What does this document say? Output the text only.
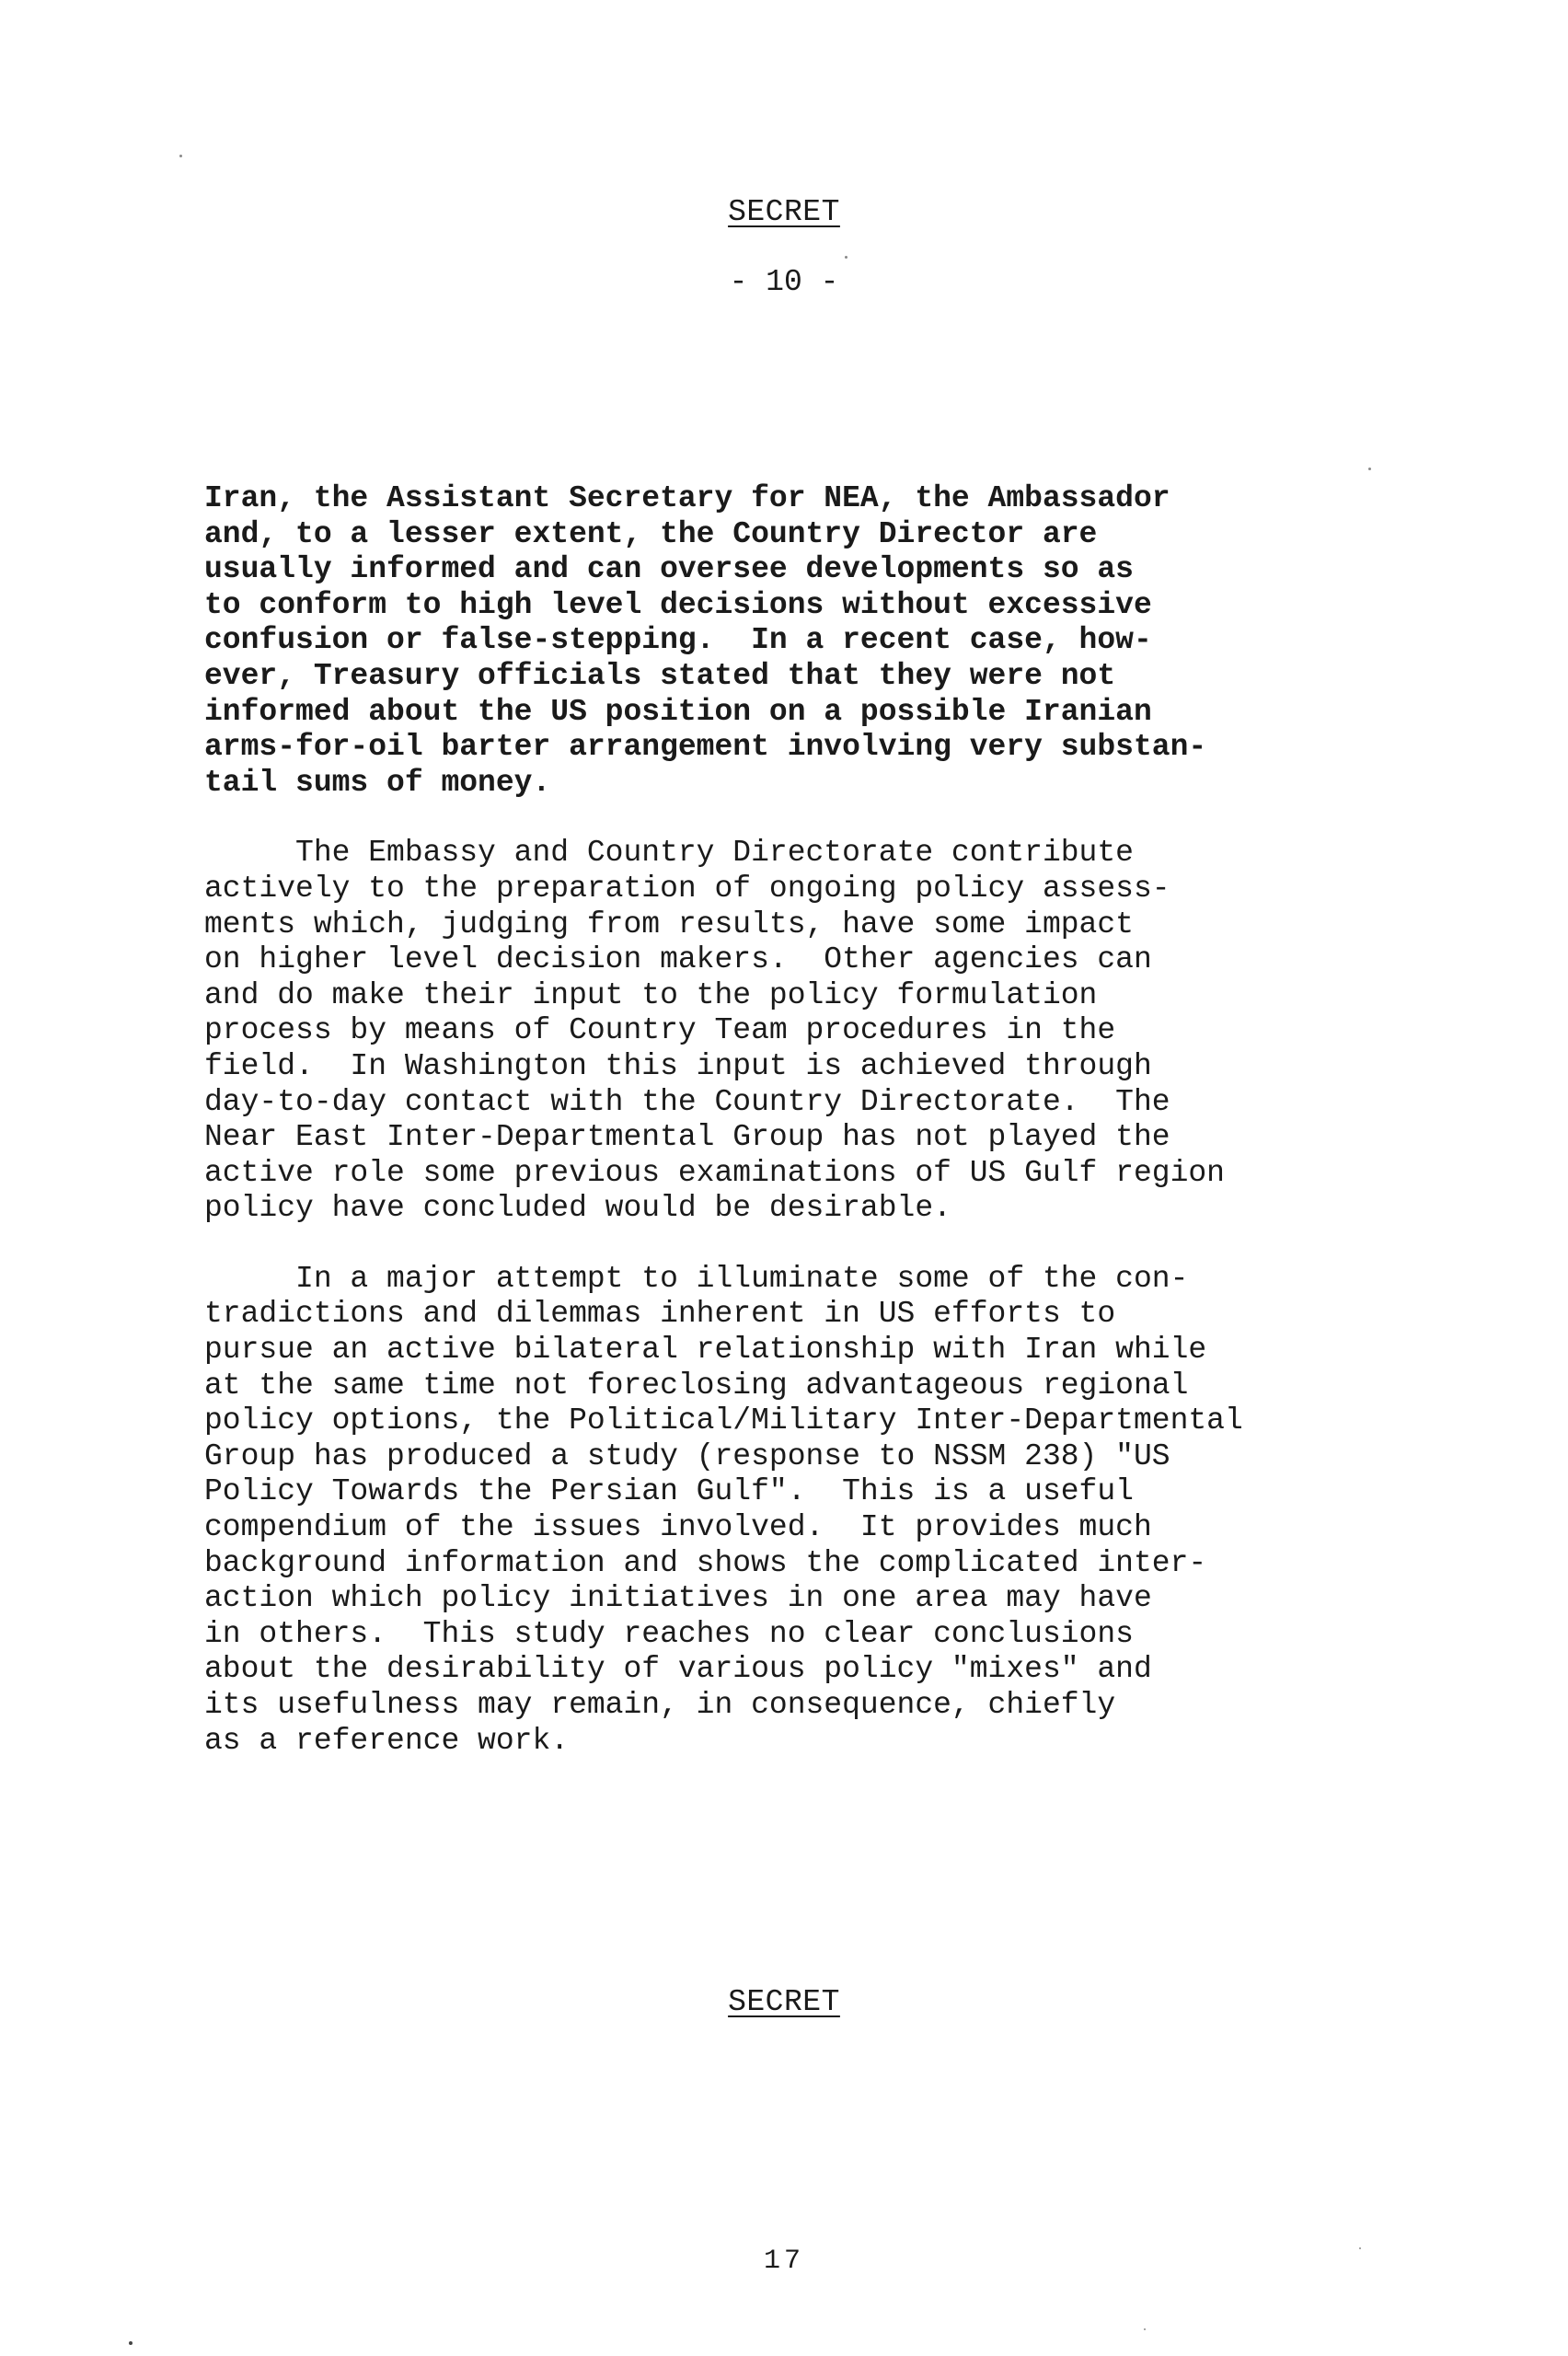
SECRET
- 10 -
Iran, the Assistant Secretary for NEA, the Ambassador
and, to a lesser extent, the Country Director are
usually informed and can oversee developments so as
to conform to high level decisions without excessive
confusion or false-stepping.  In a recent case, how-
ever, Treasury officials stated that they were not
informed about the US position on a possible Iranian
arms-for-oil barter arrangement involving very substan-
tail sums of money.
The Embassy and Country Directorate contribute
actively to the preparation of ongoing policy assess-
ments which, judging from results, have some impact
on higher level decision makers.  Other agencies can
and do make their input to the policy formulation
process by means of Country Team procedures in the
field.  In Washington this input is achieved through
day-to-day contact with the Country Directorate.  The
Near East Inter-Departmental Group has not played the
active role some previous examinations of US Gulf region
policy have concluded would be desirable.
In a major attempt to illuminate some of the con-
tradictions and dilemmas inherent in US efforts to
pursue an active bilateral relationship with Iran while
at the same time not foreclosing advantageous regional
policy options, the Political/Military Inter-Departmental
Group has produced a study (response to NSSM 238) "US
Policy Towards the Persian Gulf".  This is a useful
compendium of the issues involved.  It provides much
background information and shows the complicated inter-
action which policy initiatives in one area may have
in others.  This study reaches no clear conclusions
about the desirability of various policy "mixes" and
its usefulness may remain, in consequence, chiefly
as a reference work.
SECRET
17
